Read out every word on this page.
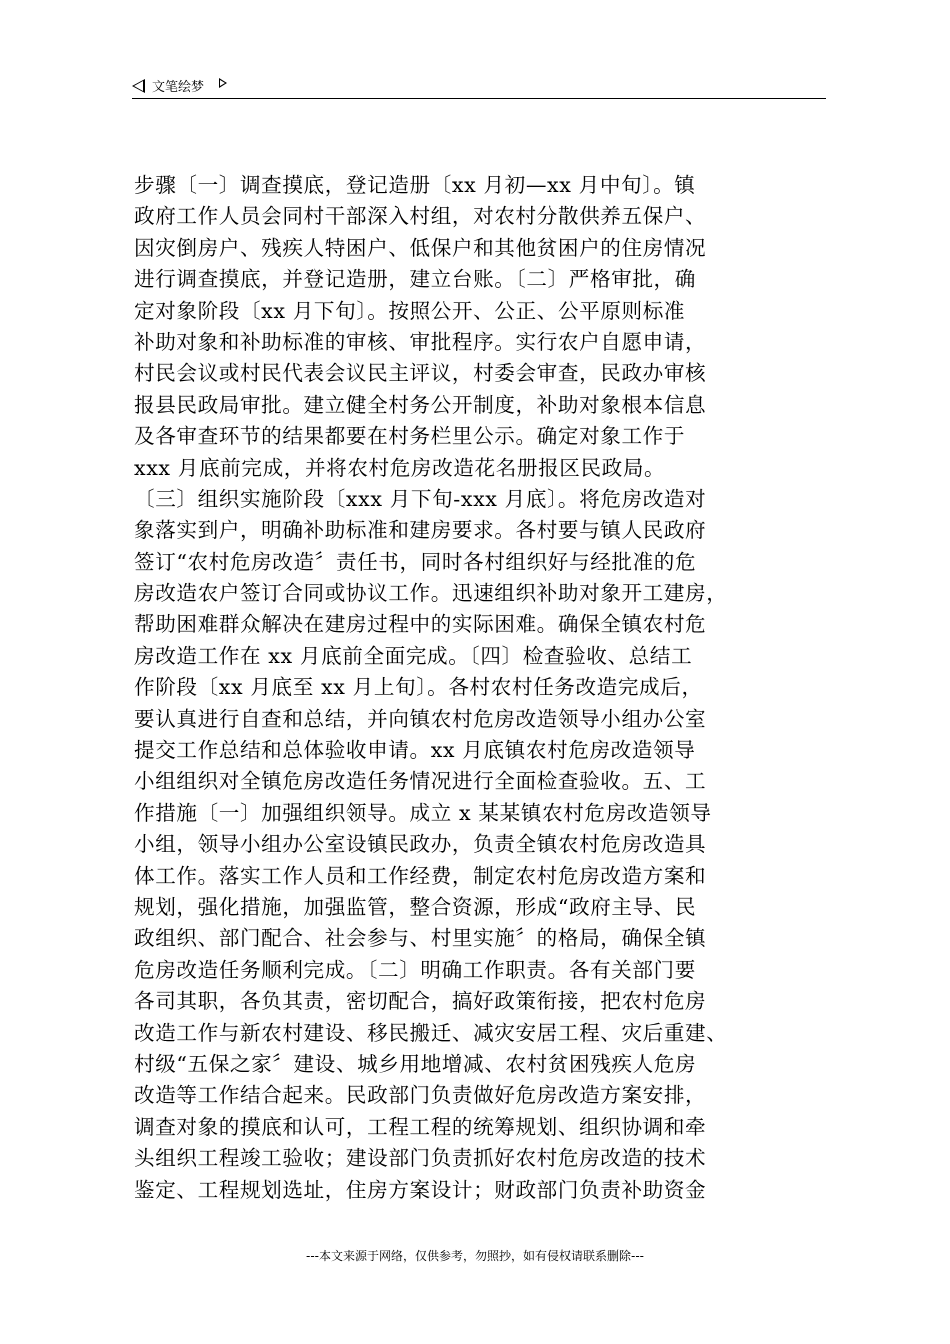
文笔绘梦
步骤〔一〕调查摸底，登记造册〔xx 月初—xx 月中旬〕。镇
政府工作人员会同村干部深入村组，对农村分散供养五保户、
因灾倒房户、残疾人特困户、低保户和其他贫困户的住房情况
进行调查摸底，并登记造册，建立台账。〔二〕严格审批，确
定对象阶段〔xx 月下旬〕。按照公开、公正、公平原则标准
补助对象和补助标准的审核、审批程序。实行农户自愿申请，
村民会议或村民代表会议民主评议，村委会审查，民政办审核
报县民政局审批。建立健全村务公开制度，补助对象根本信息
及各审查环节的结果都要在村务栏里公示。确定对象工作于
xxx 月底前完成，并将农村危房改造花名册报区民政局。
〔三〕组织实施阶段〔xxx 月下旬-xxx 月底〕。将危房改造对
象落实到户，明确补助标准和建房要求。各村要与镇人民政府
签订“农村危房改造〞责任书，同时各村组织好与经批准的危
房改造农户签订合同或协议工作。迅速组织补助对象开工建房，
帮助困难群众解决在建房过程中的实际困难。确保全镇农村危
房改造工作在 xx 月底前全面完成。〔四〕检查验收、总结工
作阶段〔xx 月底至 xx 月上旬〕。各村农村任务改造完成后，
要认真进行自查和总结，并向镇农村危房改造领导小组办公室
提交工作总结和总体验收申请。xx 月底镇农村危房改造领导
小组组织对全镇危房改造任务情况进行全面检查验收。五、工
作措施〔一〕加强组织领导。成立 x 某某镇农村危房改造领导
小组，领导小组办公室设镇民政办，负责全镇农村危房改造具
体工作。落实工作人员和工作经费，制定农村危房改造方案和
规划，强化措施，加强监管，整合资源，形成“政府主导、民
政组织、部门配合、社会参与、村里实施〞的格局，确保全镇
危房改造任务顺利完成。〔二〕明确工作职责。各有关部门要
各司其职，各负其责，密切配合，搞好政策衔接，把农村危房
改造工作与新农村建设、移民搬迁、减灾安居工程、灾后重建、
村级“五保之家〞建设、城乡用地增减、农村贫困残疾人危房
改造等工作结合起来。民政部门负责做好危房改造方案安排，
调查对象的摸底和认可，工程工程的统筹规划、组织协调和牵
头组织工程竣工验收；建设部门负责抓好农村危房改造的技术
鉴定、工程规划选址，住房方案设计；财政部门负责补助资金
---本文来源于网络，仅供参考，勿照抄，如有侵权请联系删除---
